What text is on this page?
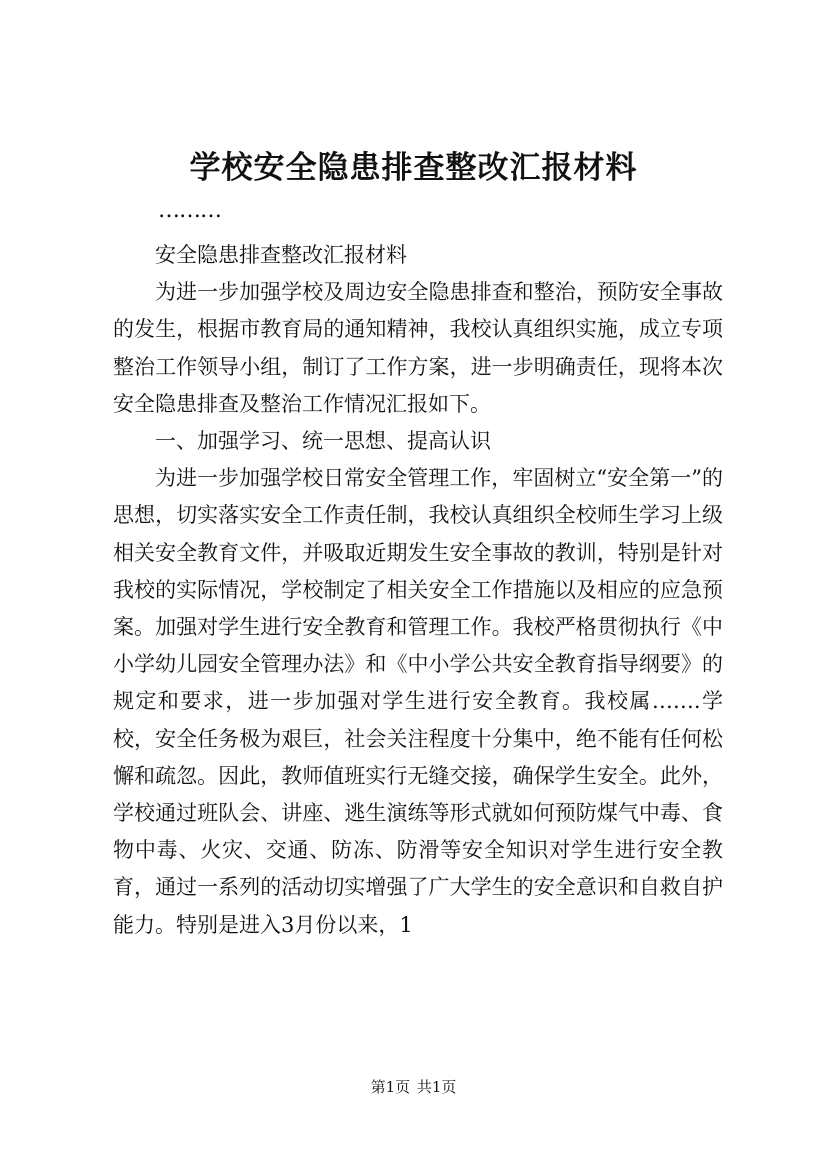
学校安全隐患排查整改汇报材料
………

安全隐患排查整改汇报材料

为进一步加强学校及周边安全隐患排查和整治，预防安全事故的发生，根据市教育局的通知精神，我校认真组织实施，成立专项整治工作领导小组，制订了工作方案，进一步明确责任，现将本次安全隐患排查及整治工作情况汇报如下。

一、加强学习、统一思想、提高认识

为进一步加强学校日常安全管理工作，牢固树立“安全第一”的思想，切实落实安全工作责任制，我校认真组织全校师生学习上级相关安全教育文件，并吸取近期发生安全事故的教训，特别是针对我校的实际情况，学校制定了相关安全工作措施以及相应的应急预案。加强对学生进行安全教育和管理工作。我校严格贯彻执行《中小学幼儿园安全管理办法》和《中小学公共安全教育指导纲要》的规定和要求，进一步加强对学生进行安全教育。我校属…….学校，安全任务极为艰巨，社会关注程度十分集中，绝不能有任何松懈和疏忽。因此，教师值班实行无缝交接，确保学生安全。此外，学校通过班队会、讲座、逃生演练等形式就如何预防煤气中毒、食物中毒、火灾、交通、防冻、防滑等安全知识对学生进行安全教育，通过一系列的活动切实增强了广大学生的安全意识和自救自护能力。特别是进入3月份以来，1

第1页 共1页
